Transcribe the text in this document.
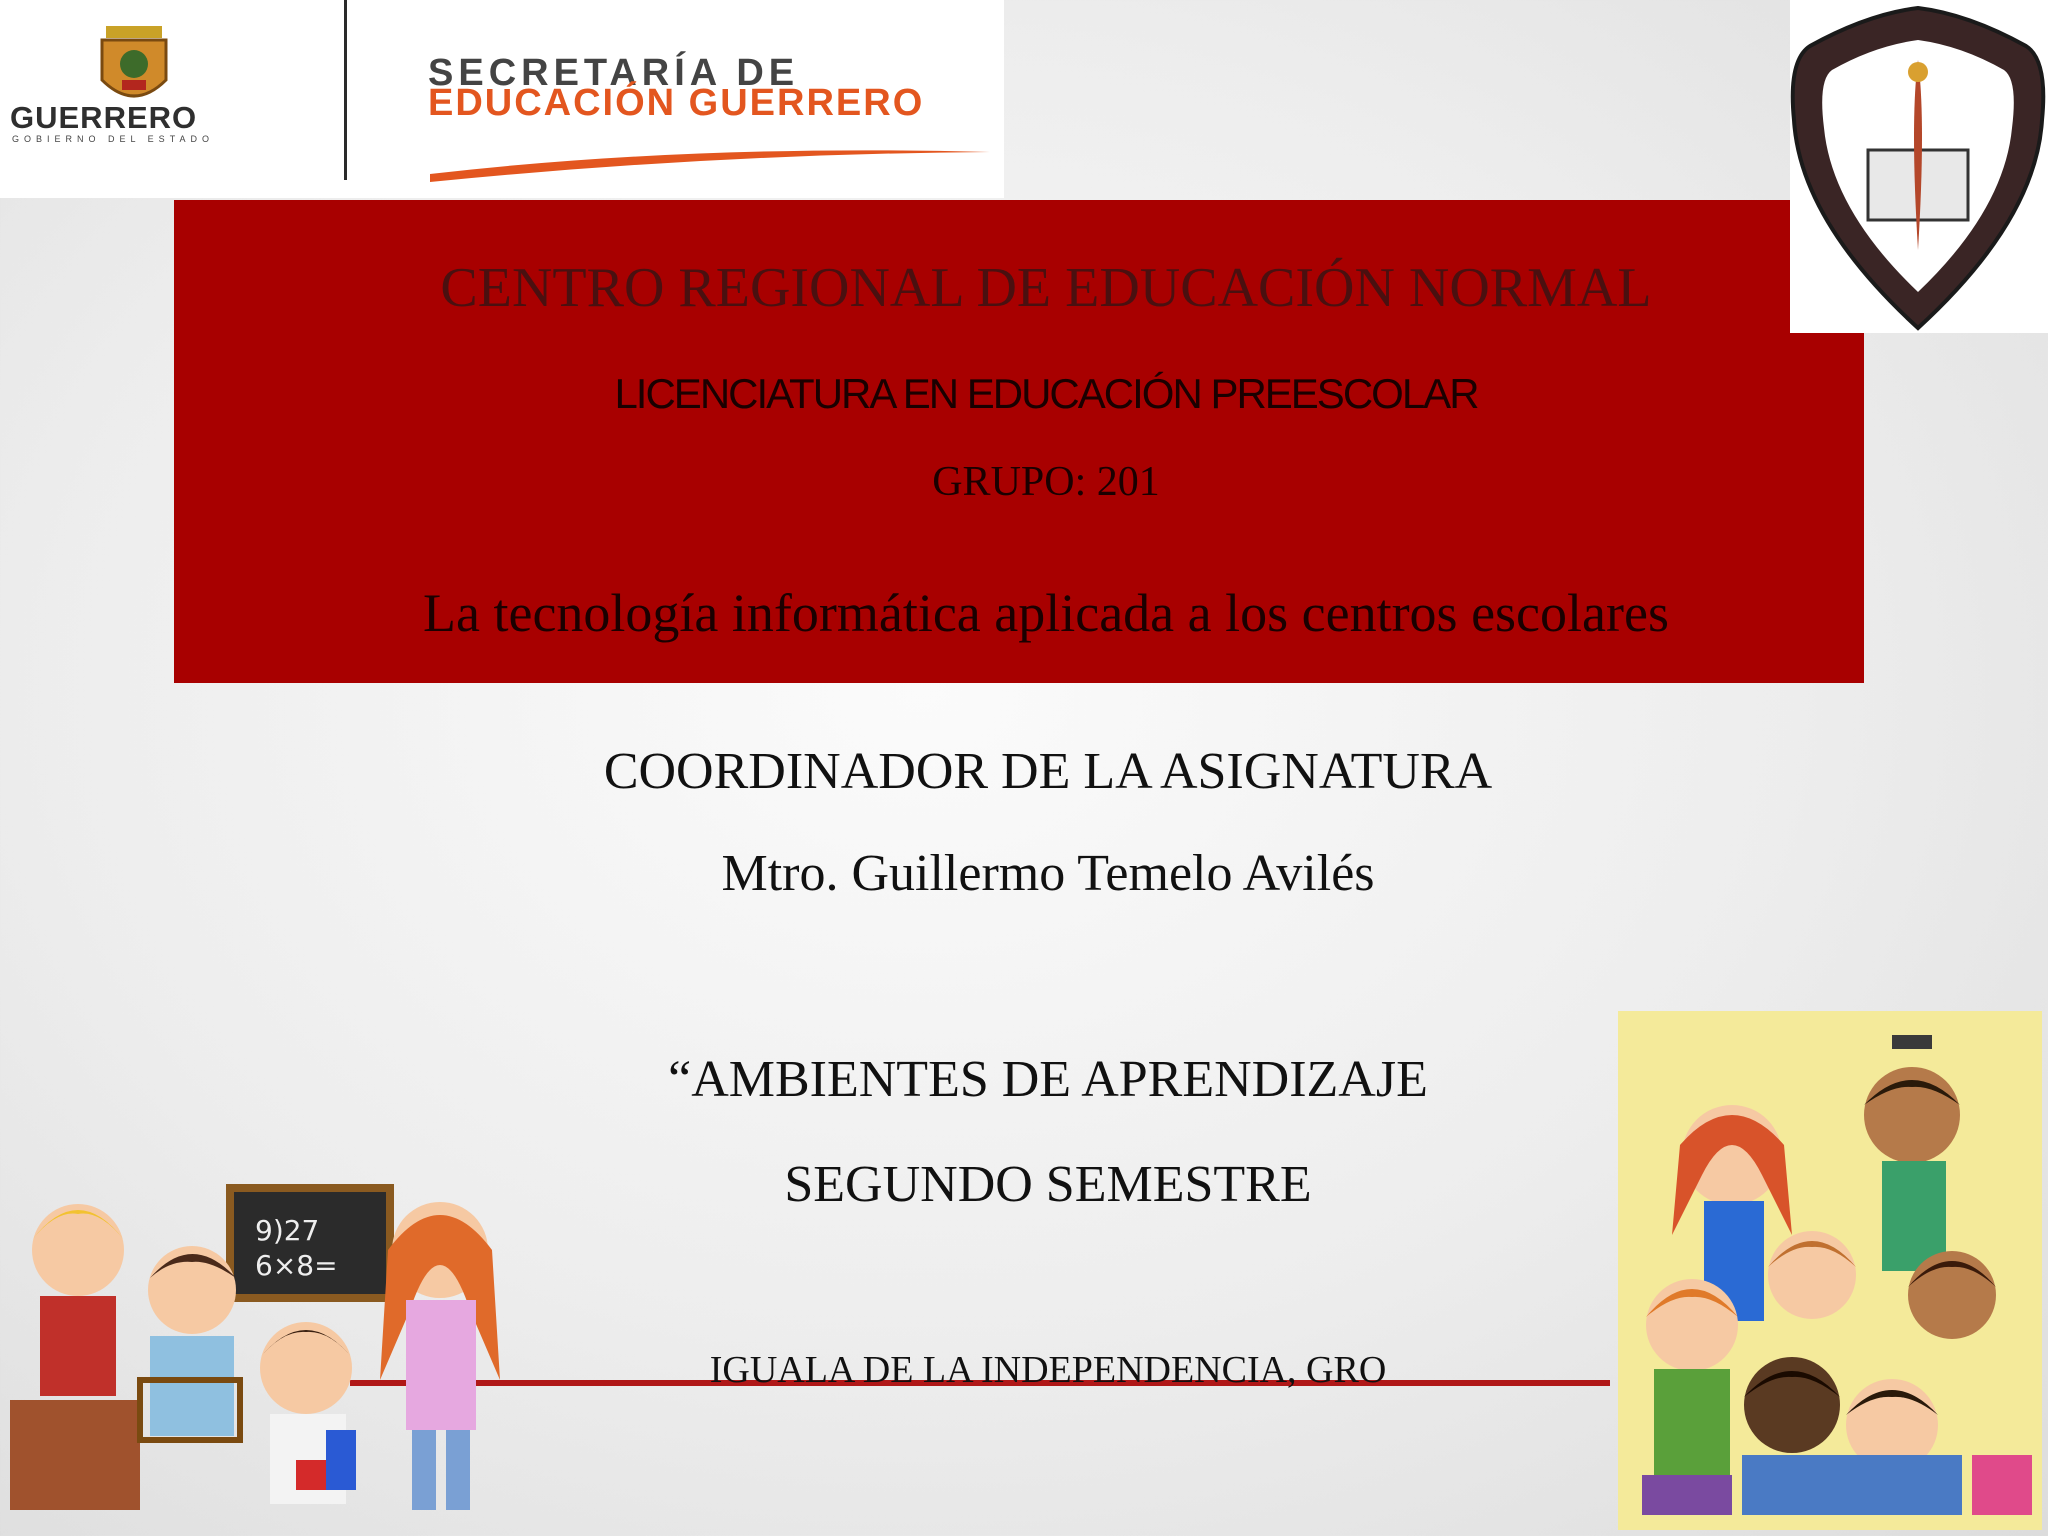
GUERRERO
GOBIERNO DEL ESTADO
SECRETARÍA DE
EDUCACIÓN GUERRERO

CENTRO REGIONAL DE EDUCACIÓN NORMAL

LICENCIATURA EN EDUCACIÓN PREESCOLAR

GRUPO: 201

La tecnología informática aplicada a los centros escolares

COORDINADOR DE LA ASIGNATURA

Mtro. Guillermo Temelo Avilés

“AMBIENTES DE APRENDIZAJE

SEGUNDO SEMESTRE

IGUALA DE LA INDEPENDENCIA, GRO

9)27
6×8=
